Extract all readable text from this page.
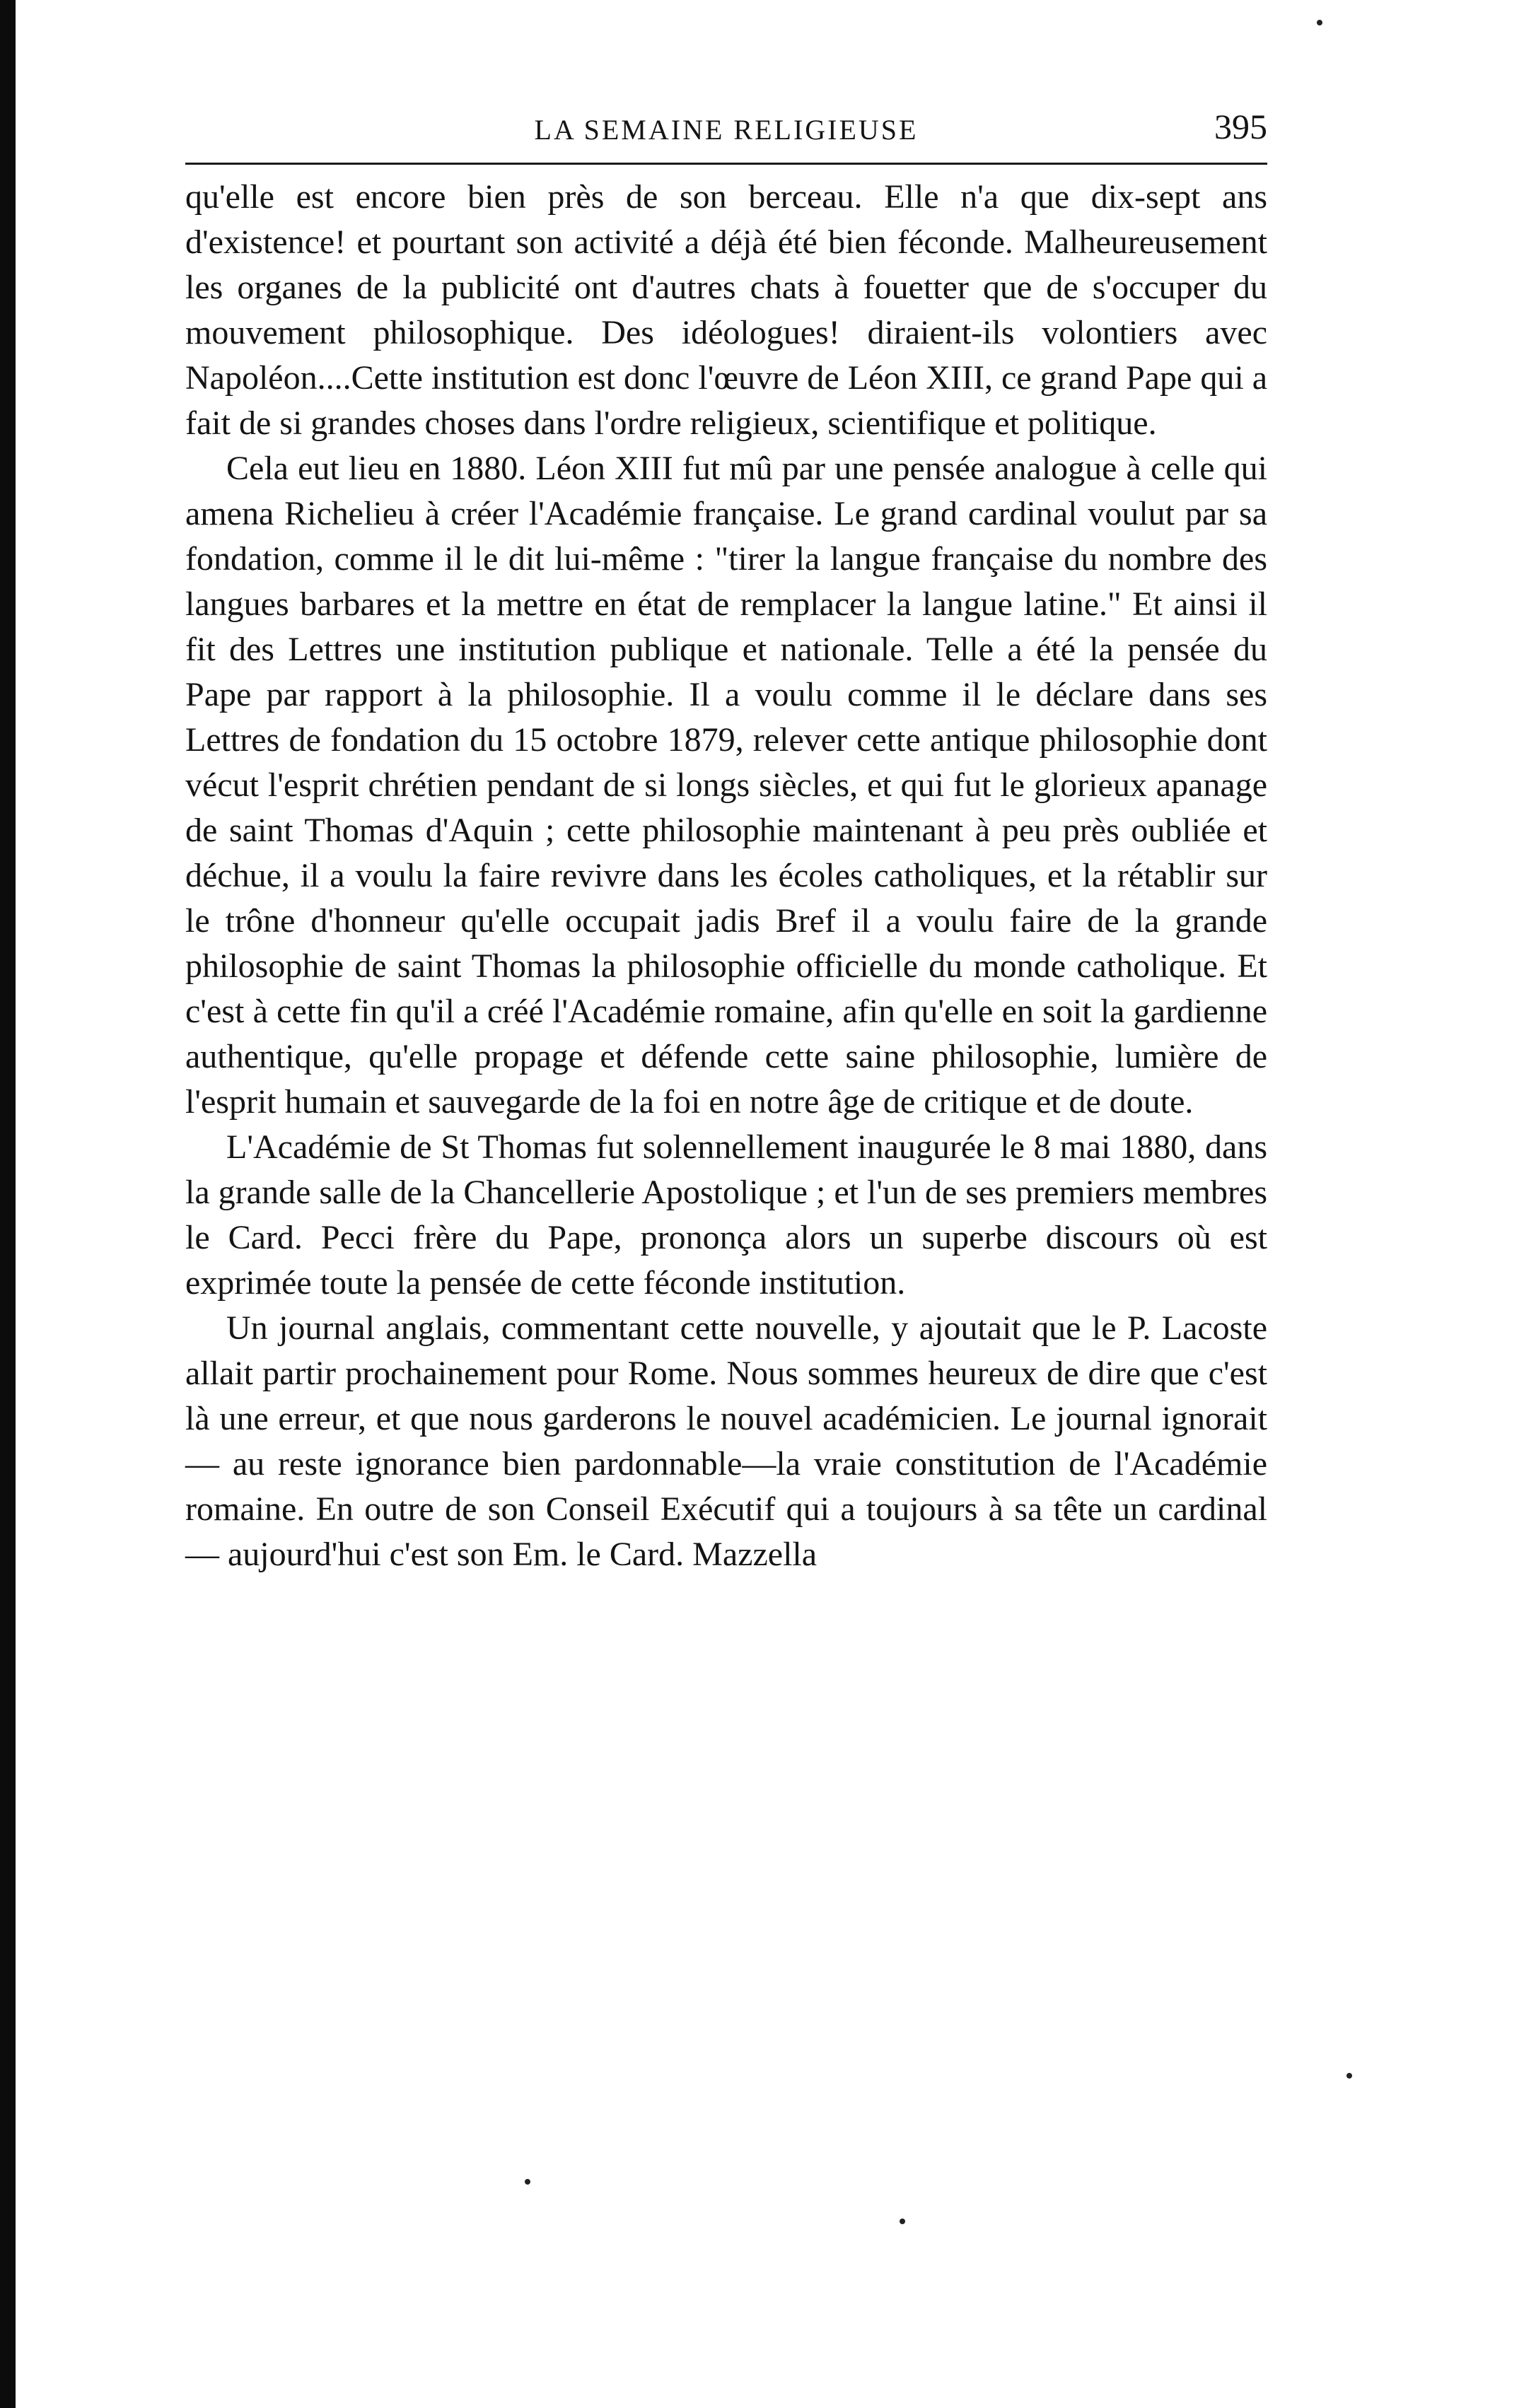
LA SEMAINE RELIGIEUSE	395

qu'elle est encore bien près de son berceau. Elle n'a que dix-sept ans d'existence! et pourtant son activité a déjà été bien féconde. Malheureusement les organes de la publicité ont d'autres chats à fouetter que de s'occuper du mouvement philosophique. Des idéologues! diraient-ils volontiers avec Napoléon....Cette institution est donc l'œuvre de Léon XIII, ce grand Pape qui a fait de si grandes choses dans l'ordre religieux, scientifique et politique.

Cela eut lieu en 1880. Léon XIII fut mû par une pensée analogue à celle qui amena Richelieu à créer l'Académie française. Le grand cardinal voulut par sa fondation, comme il le dit lui-même : "tirer la langue française du nombre des langues barbares et la mettre en état de remplacer la langue latine." Et ainsi il fit des Lettres une institution publique et nationale. Telle a été la pensée du Pape par rapport à la philosophie. Il a voulu comme il le déclare dans ses Lettres de fondation du 15 octobre 1879, relever cette antique philosophie dont vécut l'esprit chrétien pendant de si longs siècles, et qui fut le glorieux apanage de saint Thomas d'Aquin ; cette philosophie maintenant à peu près oubliée et déchue, il a voulu la faire revivre dans les écoles catholiques, et la rétablir sur le trône d'honneur qu'elle occupait jadis Bref il a voulu faire de la grande philosophie de saint Thomas la philosophie officielle du monde catholique. Et c'est à cette fin qu'il a créé l'Académie romaine, afin qu'elle en soit la gardienne authentique, qu'elle propage et défende cette saine philosophie, lumière de l'esprit humain et sauvegarde de la foi en notre âge de critique et de doute.

L'Académie de St Thomas fut solennellement inaugurée le 8 mai 1880, dans la grande salle de la Chancellerie Apostolique ; et l'un de ses premiers membres le Card. Pecci frère du Pape, prononça alors un superbe discours où est exprimée toute la pensée de cette féconde institution.

Un journal anglais, commentant cette nouvelle, y ajoutait que le P. Lacoste allait partir prochainement pour Rome. Nous sommes heureux de dire que c'est là une erreur, et que nous garderons le nouvel académicien. Le journal ignorait — au reste ignorance bien pardonnable—la vraie constitution de l'Académie romaine. En outre de son Conseil Exécutif qui a toujours à sa tête un cardinal — aujourd'hui c'est son Em. le Card. Mazzella
